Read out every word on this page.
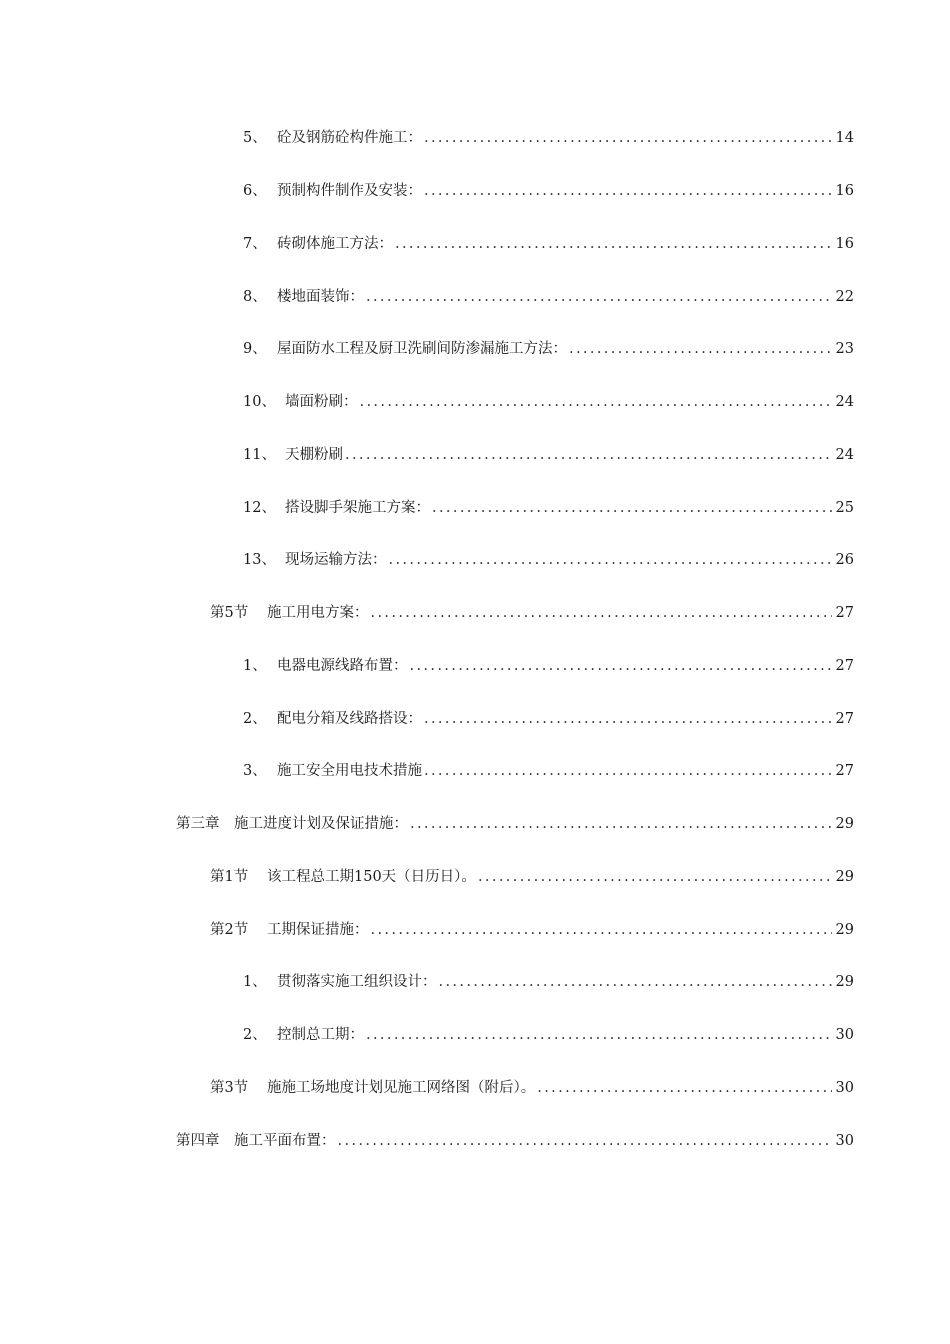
5、 砼及钢筋砼构件施工： .....	14
6、 预制构件制作及安装： .....	16
7、 砖砌体施工方法： .....	16
8、 楼地面装饰： .....	22
9、 屋面防水工程及厨卫洗刷间防渗漏施工方法： .....	23
10、 墙面粉刷： .....	24
11、 天棚粉刷 .....	24
12、 搭设脚手架施工方案： .....	25
13、 现场运输方法： .....	26
第5节	施工用电方案： .....	27
1、 电器电源线路布置： .....	27
2、 配电分箱及线路搭设： .....	27
3、 施工安全用电技术措施 .....	27
第三章	施工进度计划及保证措施： .....	29
第1节	该工程总工期150天（日历日）。 .....	29
第2节	工期保证措施： .....	29
1、 贯彻落实施工组织设计： .....	29
2、 控制总工期： .....	30
第3节	施施工场地度计划见施工网络图（附后）。 .....	30
第四章	施工平面布置： .....	30
